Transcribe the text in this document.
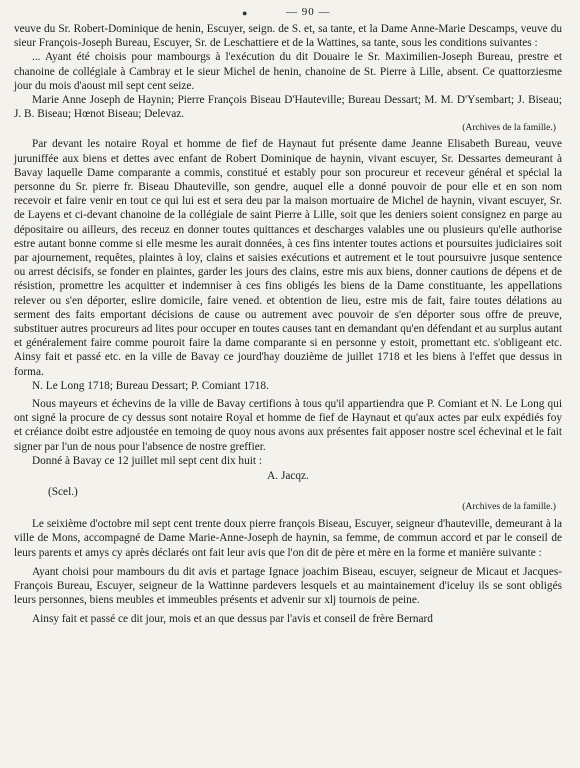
●	— 90 —

veuve du Sr. Robert-Dominique de henin, Escuyer, seign. de S. et, sa tante, et la Dame Anne-Marie Descamps, veuve du sieur François-Joseph Bureau, Escuyer, Sr. de Leschattiere et de la Wattines, sa tante, sous les conditions suivantes :

... Ayant été choisis pour mambourgs à l'exécution du dit Douaire le Sr. Maximilien-Joseph Bureau, prestre et chanoine de collégiale à Cambray et le sieur Michel de henin, chanoine de St. Pierre à Lille, absent. Ce quattorziesme jour du mois d'aoust mil sept cent seize.

Marie Anne Joseph de Haynin; Pierre François Biseau D'Hauteville; Bureau Dessart; M. M. D'Ysembart; J. Biseau; J. B. Biseau; Hœnot Biseau; Delevaz.

(Archives de la famille.)

Par devant les notaire Royal et homme de fief de Haynaut fut présente dame Jeanne Elisabeth Bureau, veuve juruniffée aux biens et dettes avec enfant de Robert Dominique de haynin, vivant escuyer, Sr. Dessartes demeurant à Bavay laquelle Dame comparante a commis, constitué et estably pour son procureur et receveur général et spécial la personne du Sr. pierre fr. Biseau Dhauteville, son gendre, auquel elle a donné pouvoir de pour elle et en son nom recevoir et faire venir en tout ce qui lui est et sera deu par la maison mortuaire de Michel de haynin, vivant escuyer, Sr. de Layens et ci-devant chanoine de la collégiale de saint Pierre à Lille, soit que les deniers soient consignez en parge au dépositaire ou ailleurs, des receuz en donner toutes quittances et descharges valables une ou plusieurs qu'elle authorise estre autant bonne comme si elle mesme les aurait données, à ces fins intenter toutes actions et poursuites judiciaires soit par ajournement, requêtes, plaintes à loy, clains et saisies exécutions et autrement et le tout poursuivre jusque sentence ou arrest décisifs, se fonder en plaintes, garder les jours des clains, estre mis aux biens, donner cautions de dépens et de résistion, promettre les acquitter et indemniser à ces fins obligés les biens de la Dame constituante, les appellations relever ou s'en déporter, eslire domicile, faire vened. et obtention de lieu, estre mis de fait, faire toutes délations au serment des faits emportant décisions de cause ou autrement avec pouvoir de s'en déporter sous offre de preuve, substituer autres procureurs ad lites pour occuper en toutes causes tant en demandant qu'en défendant et au surplus autant et généralement faire comme pouroit faire la dame comparante si en personne y estoit, promettant etc. s'obligeant etc. Ainsy fait et passé etc. en la ville de Bavay ce jourd'hay douzième de juillet 1718 et les biens à l'effet que dessus in forma.

N. Le Long 1718; Bureau Dessart; P. Comiant 1718.

Nous mayeurs et échevins de la ville de Bavay certifions à tous qu'il appartiendra que P. Comiant et N. Le Long qui ont signé la procure de cy dessus sont notaire Royal et homme de fief de Haynaut et qu'aux actes par eulx expédiés foy et créiance doibt estre adjoustée en temoing de quoy nous avons aux présentes fait apposer nostre scel échevinal et le fait signer par l'un de nous pour l'absence de nostre greffier.

Donné à Bavay ce 12 juillet mil sept cent dix huit :

A. Jacqz.
(Scel.)
(Archives de la famille.)

Le seixième d'octobre mil sept cent trente doux pierre françois Biseau, Escuyer, seigneur d'hauteville, demeurant à la ville de Mons, accompagné de Dame Marie-Anne-Joseph de haynin, sa femme, de commun accord et par le conseil de leurs parents et amys cy après déclarés ont fait leur avis que l'on dit de père et mère en la forme et manière suivante :

Ayant choisi pour mambours du dit avis et partage Ignace joachim Biseau, escuyer, seigneur de Micaut et Jacques-François Bureau, Escuyer, seigneur de la Wattinne pardevers lesquels et au maintainement d'iceluy ils se sont obligés leurs personnes, biens meubles et immeubles présents et advenir sur xlj tournois de peine.

Ainsy fait et passé ce dit jour, mois et an que dessus par l'avis et conseil de frère Bernard
